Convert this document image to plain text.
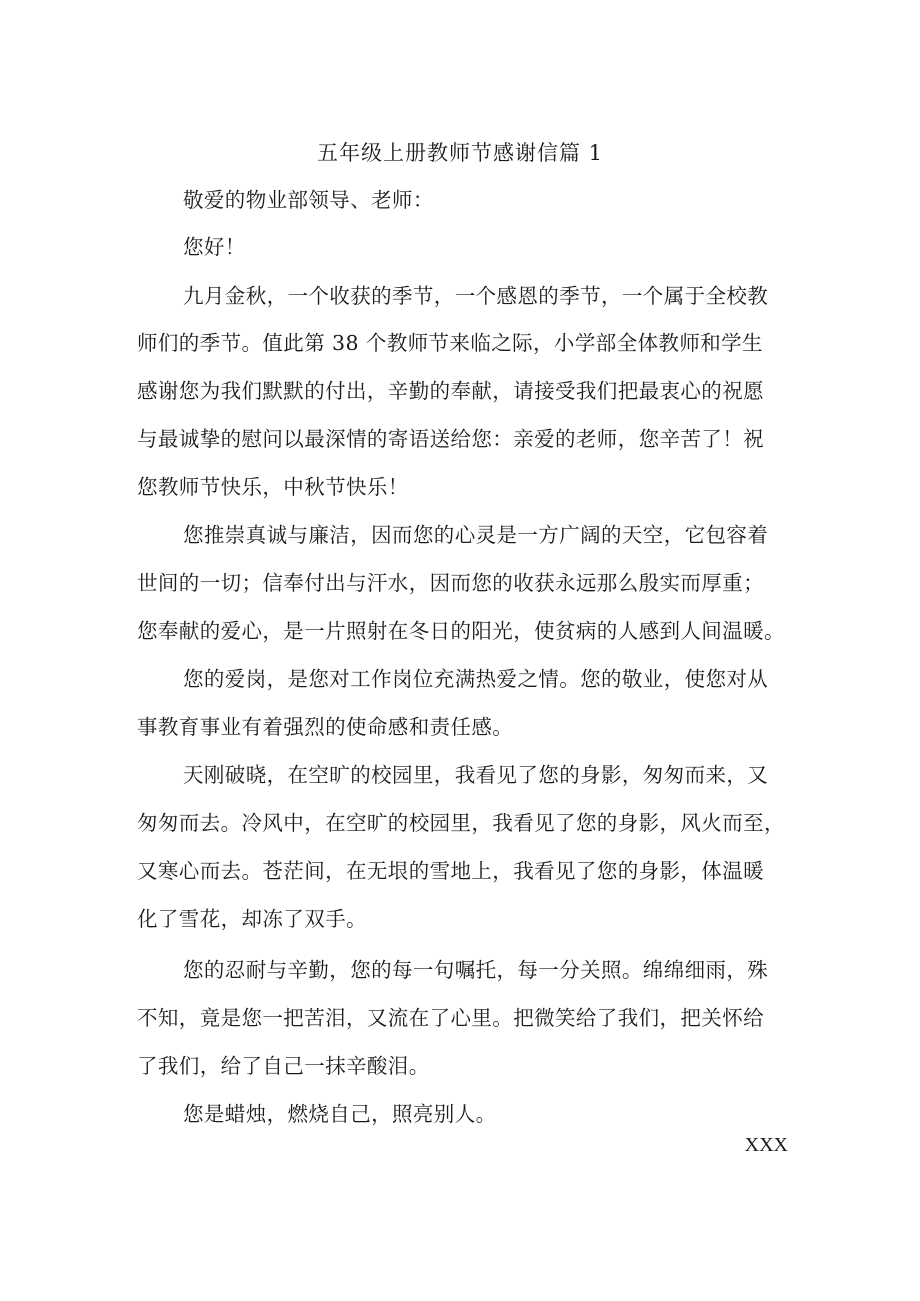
五年级上册教师节感谢信篇 1
敬爱的物业部领导、老师：
您好！
九月金秋，一个收获的季节，一个感恩的季节，一个属于全校教
师们的季节。值此第 38 个教师节来临之际，小学部全体教师和学生
感谢您为我们默默的付出，辛勤的奉献，请接受我们把最衷心的祝愿
与最诚挚的慰问以最深情的寄语送给您：亲爱的老师，您辛苦了！祝
您教师节快乐，中秋节快乐！
您推崇真诚与廉洁，因而您的心灵是一方广阔的天空，它包容着
世间的一切；信奉付出与汗水，因而您的收获永远那么殷实而厚重；
您奉献的爱心，是一片照射在冬日的阳光，使贫病的人感到人间温暖。
您的爱岗，是您对工作岗位充满热爱之情。您的敬业，使您对从
事教育事业有着强烈的使命感和责任感。
天刚破晓，在空旷的校园里，我看见了您的身影，匆匆而来，又
匆匆而去。冷风中，在空旷的校园里，我看见了您的身影，风火而至，
又寒心而去。苍茫间，在无垠的雪地上，我看见了您的身影，体温暖
化了雪花，却冻了双手。
您的忍耐与辛勤，您的每一句嘱托，每一分关照。绵绵细雨，殊
不知，竟是您一把苦泪，又流在了心里。把微笑给了我们，把关怀给
了我们，给了自己一抹辛酸泪。
您是蜡烛，燃烧自己，照亮别人。
XXX
